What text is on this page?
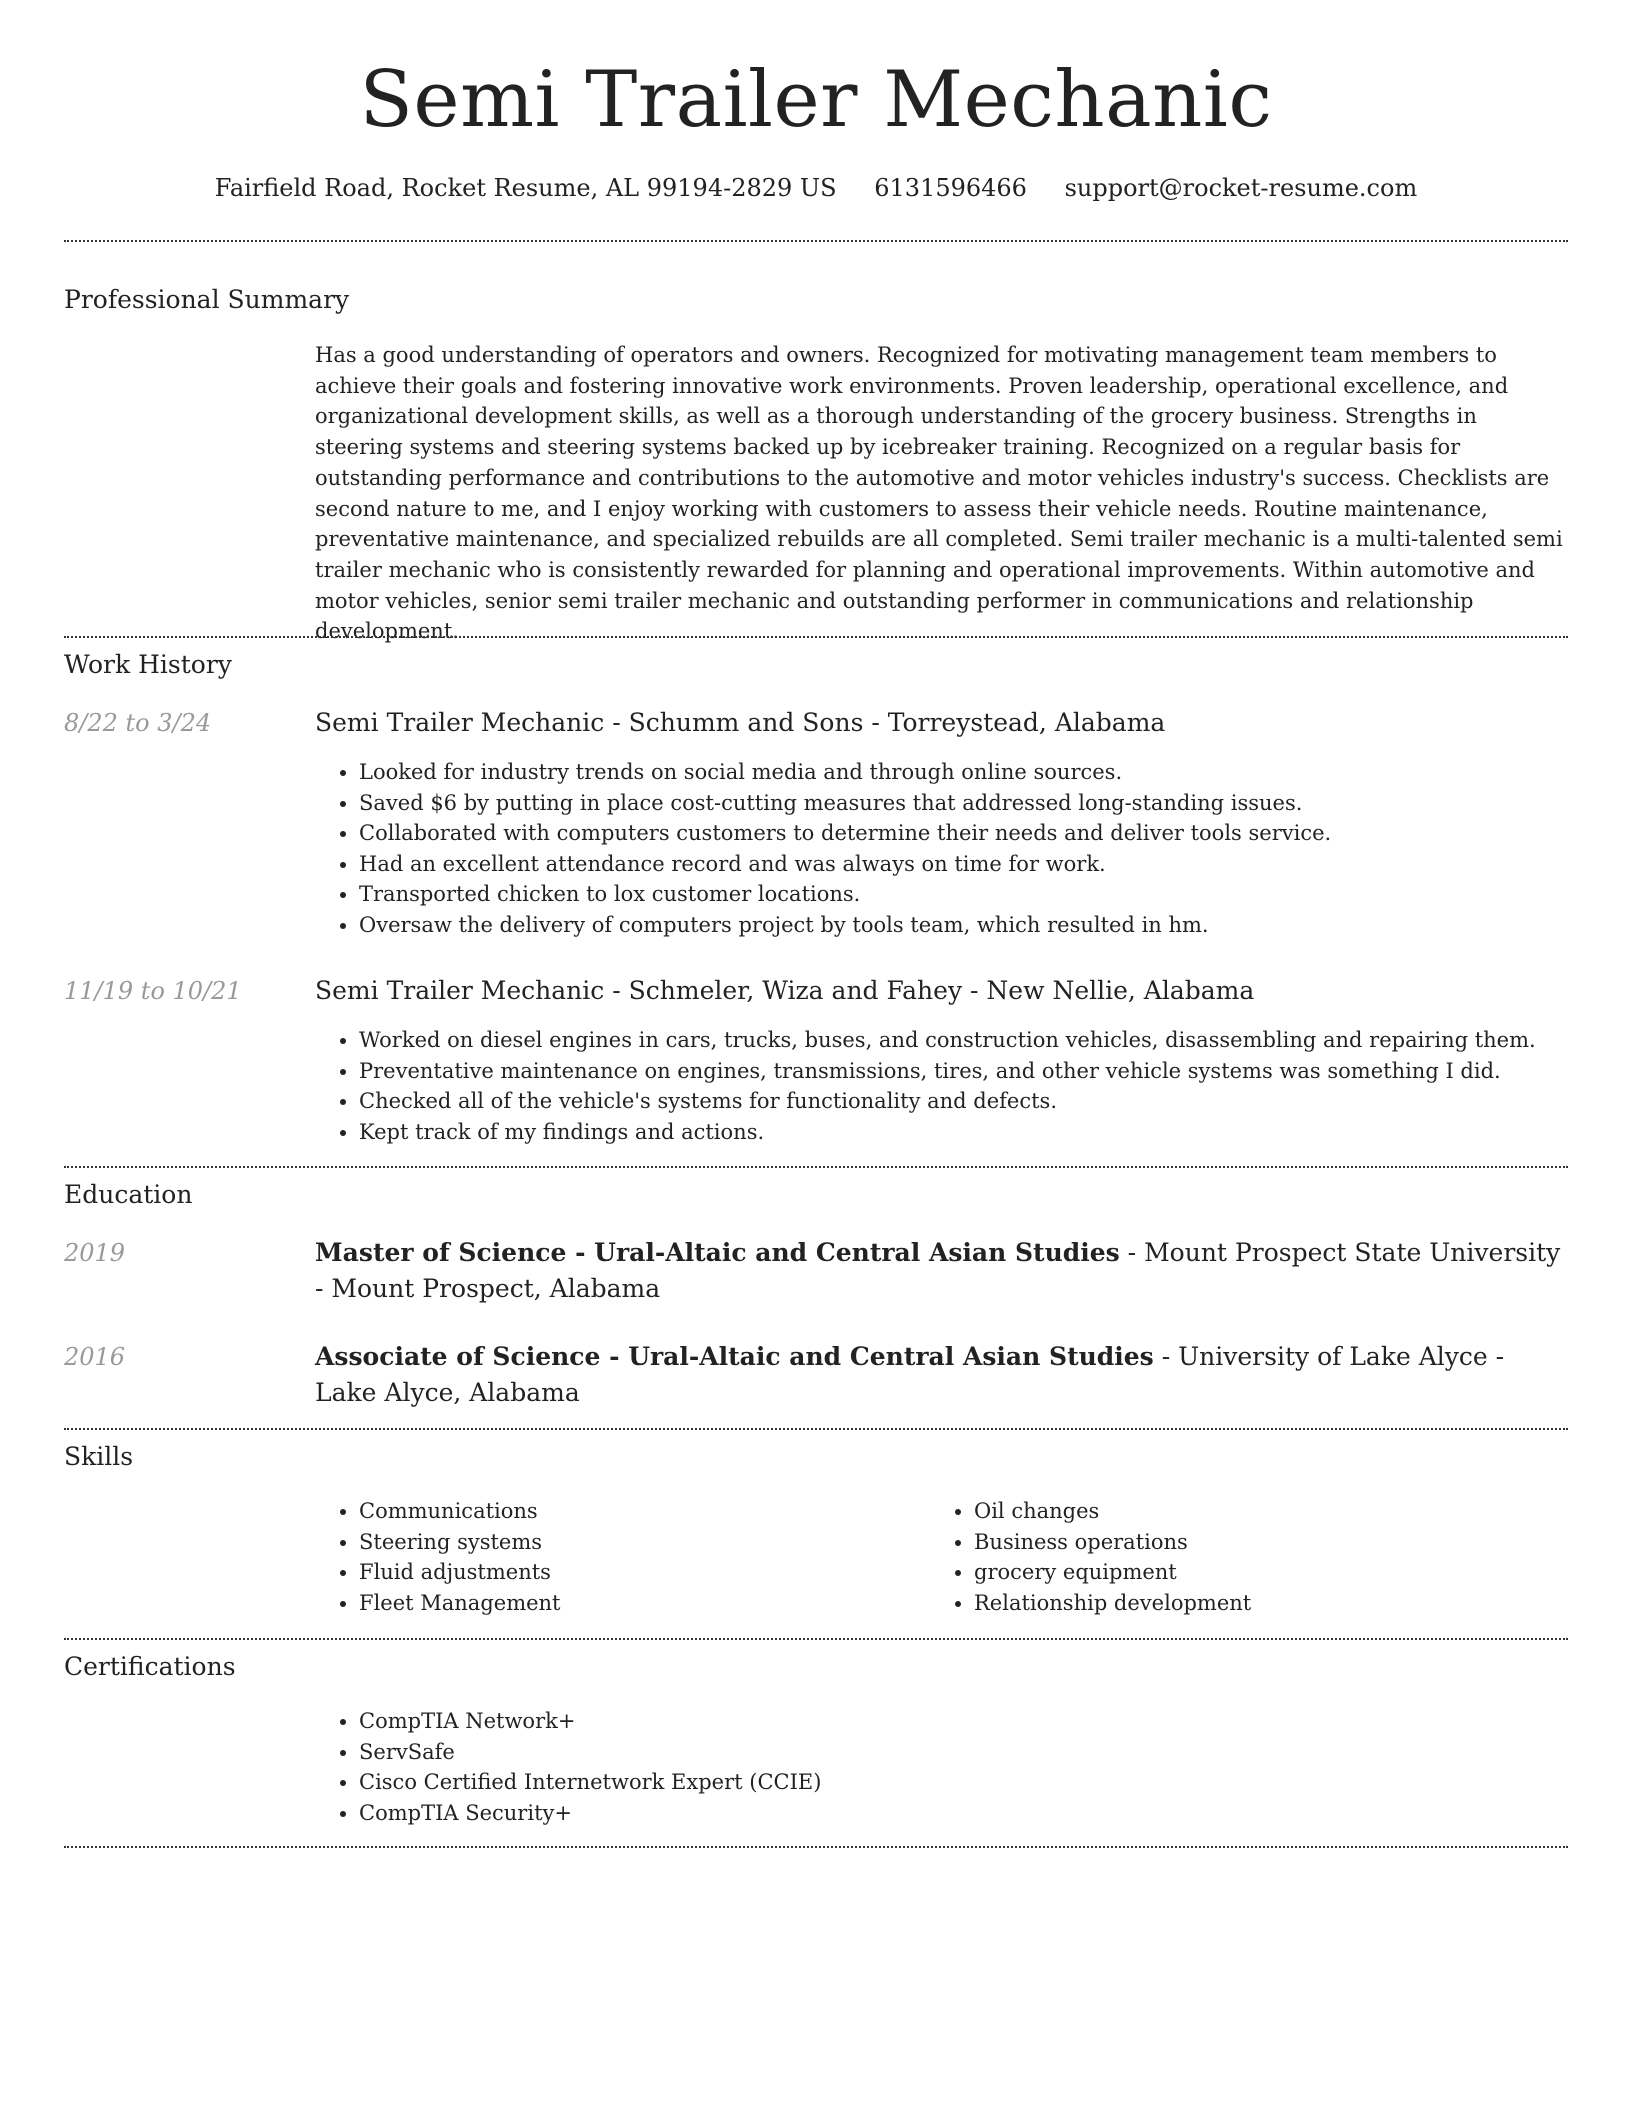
Semi Trailer Mechanic
Fairfield Road, Rocket Resume, AL 99194-2829 US 6131596466 support@rocket-resume.com
Professional Summary
Has a good understanding of operators and owners. Recognized for motivating management team members to achieve their goals and fostering innovative work environments. Proven leadership, operational excellence, and organizational development skills, as well as a thorough understanding of the grocery business. Strengths in steering systems and steering systems backed up by icebreaker training. Recognized on a regular basis for outstanding performance and contributions to the automotive and motor vehicles industry's success. Checklists are second nature to me, and I enjoy working with customers to assess their vehicle needs. Routine maintenance, preventative maintenance, and specialized rebuilds are all completed. Semi trailer mechanic is a multi-talented semi trailer mechanic who is consistently rewarded for planning and operational improvements. Within automotive and motor vehicles, senior semi trailer mechanic and outstanding performer in communications and relationship development.
Work History
8/22 to 3/24	Semi Trailer Mechanic - Schumm and Sons - Torreystead, Alabama
• Looked for industry trends on social media and through online sources.
• Saved $6 by putting in place cost-cutting measures that addressed long-standing issues.
• Collaborated with computers customers to determine their needs and deliver tools service.
• Had an excellent attendance record and was always on time for work.
• Transported chicken to lox customer locations.
• Oversaw the delivery of computers project by tools team, which resulted in hm.
11/19 to 10/21	Semi Trailer Mechanic - Schmeler, Wiza and Fahey - New Nellie, Alabama
• Worked on diesel engines in cars, trucks, buses, and construction vehicles, disassembling and repairing them.
• Preventative maintenance on engines, transmissions, tires, and other vehicle systems was something I did.
• Checked all of the vehicle's systems for functionality and defects.
• Kept track of my findings and actions.
Education
2019	Master of Science - Ural-Altaic and Central Asian Studies - Mount Prospect State University - Mount Prospect, Alabama
2016	Associate of Science - Ural-Altaic and Central Asian Studies - University of Lake Alyce - Lake Alyce, Alabama
Skills
• Communications
• Steering systems
• Fluid adjustments
• Fleet Management
• Oil changes
• Business operations
• grocery equipment
• Relationship development
Certifications
• CompTIA Network+
• ServSafe
• Cisco Certified Internetwork Expert (CCIE)
• CompTIA Security+
